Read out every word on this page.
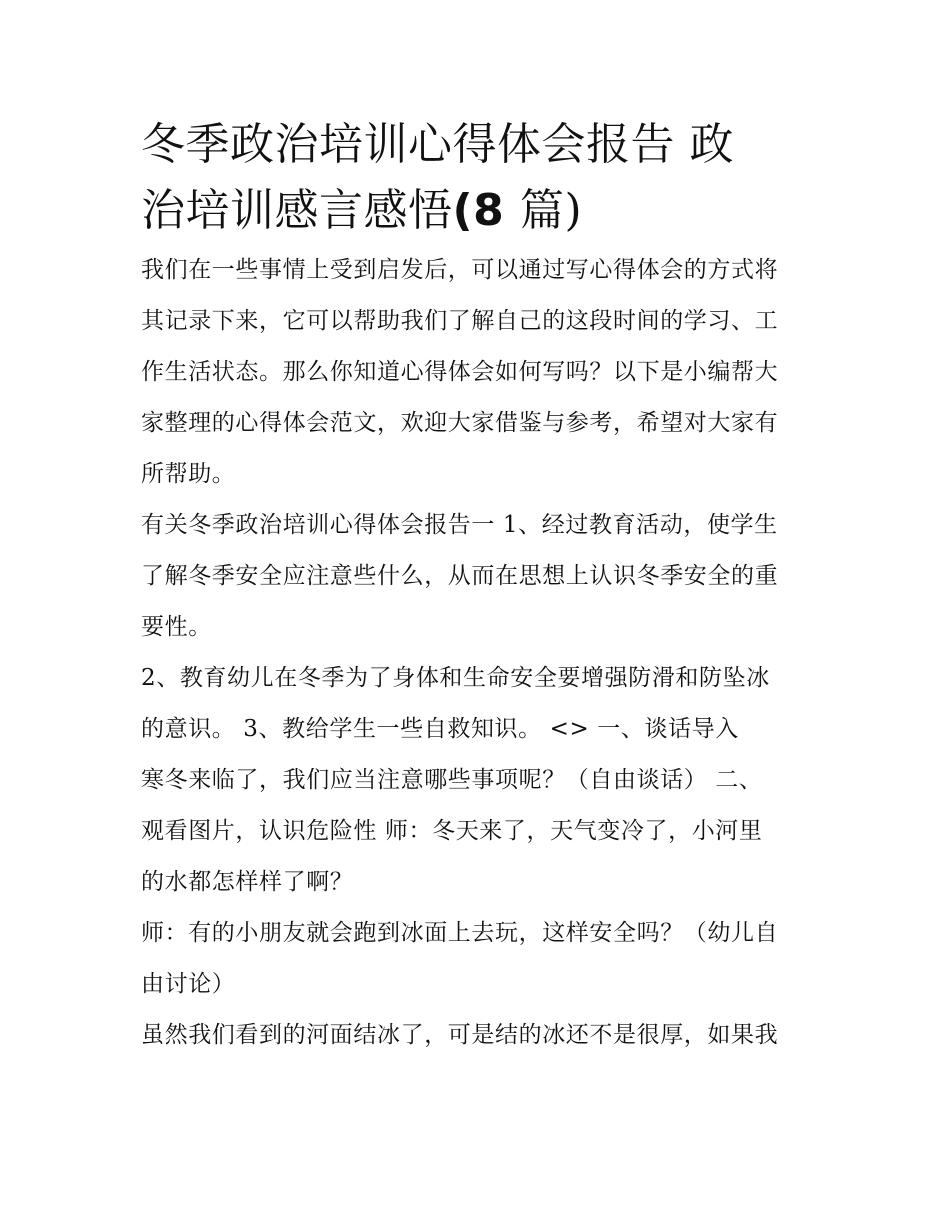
冬季政治培训心得体会报告 政
治培训感言感悟(8 篇)
我们在一些事情上受到启发后，可以通过写心得体会的方式将
其记录下来，它可以帮助我们了解自己的这段时间的学习、工
作生活状态。那么你知道心得体会如何写吗？以下是小编帮大
家整理的心得体会范文，欢迎大家借鉴与参考，希望对大家有
所帮助。
有关冬季政治培训心得体会报告一 1、经过教育活动，使学生
了解冬季安全应注意些什么，从而在思想上认识冬季安全的重
要性。
2、教育幼儿在冬季为了身体和生命安全要增强防滑和防坠冰
的意识。 3、教给学生一些自救知识。 <> 一、谈话导入
寒冬来临了，我们应当注意哪些事项呢？（自由谈话） 二、
观看图片，认识危险性 师：冬天来了，天气变冷了，小河里
的水都怎样样了啊？
师：有的小朋友就会跑到冰面上去玩，这样安全吗？（幼儿自
由讨论）
虽然我们看到的河面结冰了，可是结的冰还不是很厚，如果我
